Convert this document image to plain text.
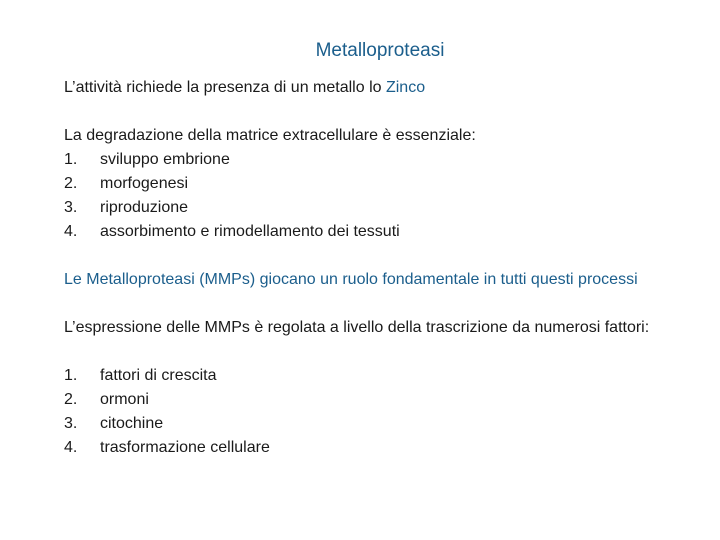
Metalloproteasi

L’attività richiede la presenza di un metallo lo Zinco

La degradazione della matrice extracellulare è essenziale:

1.	sviluppo embrione
2.	morfogenesi
3.	riproduzione
4.	assorbimento e rimodellamento dei tessuti

Le Metalloproteasi (MMPs) giocano un ruolo fondamentale in tutti questi processi

L’espressione delle MMPs è regolata a livello della trascrizione da numerosi fattori:

1.	fattori di crescita
2.	ormoni
3.	citochine
4.	trasformazione cellulare
